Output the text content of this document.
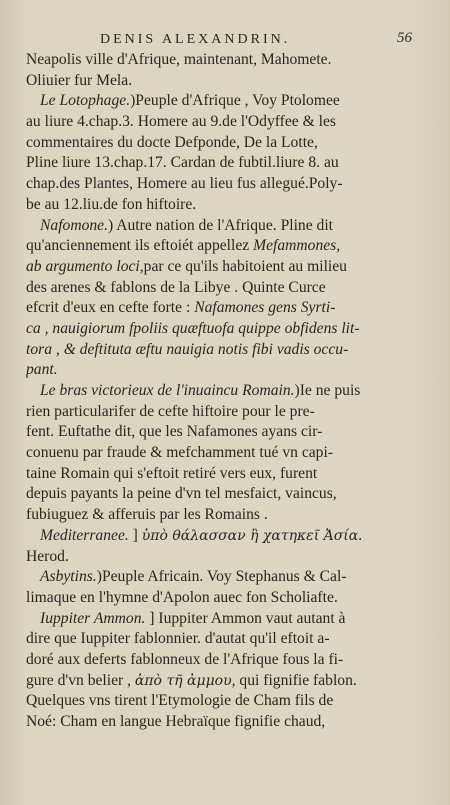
DENIS ALEXANDRIN.	56
Neapolis ville d'Afrique, maintenant, Mahomete.
Oliuier fur Mela.
Le Lotophage.)Peuple d'Afrique , Voy Ptolomee
au liure 4.chap.3. Homere au 9.de l'Odyffee & les
commentaires du docte Defponde, De la Lotte,
Pline liure 13.chap.17. Cardan de fubtil.liure 8. au
chap.des Plantes, Homere au lieu fus allegué.Poly-
be au 12.liu.de fon hiftoire.
Nafomone.) Autre nation de l'Afrique. Pline dit
qu'anciennement ils eftoiét appellez Mefammones,
ab argumento loci,par ce qu'ils habitoient au milieu
des arenes & fablons de la Libye . Quinte Curce
efcrit d'eux en cefte forte : Nafamones gens Syrti-
ca , nauigiorum fpoliis quæftuofa quippe obfidens lit-
tora , & deftituta æftu nauigia notis fibi vadis occu-
pant.
Le bras victorieux de l'inuaincu Romain.)Ie ne puis
rien particularifer de cefte hiftoire pour le pre-
fent. Euftathe dit, que les Nafamones ayans cir-
conuenu par fraude & mefchamment tué vn capi-
taine Romain qui s'eftoit retiré vers eux, furent
depuis payants la peine d'vn tel mesfaict, vaincus,
fubiuguez & afferuis par les Romains .
Mediterranee. ] ὑπὸ θάλασσαν ἢ χατηκεῖ Ἀσία.
Herod.
Asbytins.)Peuple Africain. Voy Stephanus & Cal-
limaque en l'hymne d'Apolon auec fon Scholiafte.
Iuppiter Ammon. ] Iuppiter Ammon vaut autant à
dire que Iuppiter fablonnier. d'autat qu'il eftoit a-
doré aux deferts fablonneux de l'Afrique fous la fi-
gure d'vn belier , ἀπὸ τῆ ἀμμου, qui fignifie fablon.
Quelques vns tirent l'Etymologie de Cham fils de
Noé: Cham en langue Hebraïque fignifie chaud,
